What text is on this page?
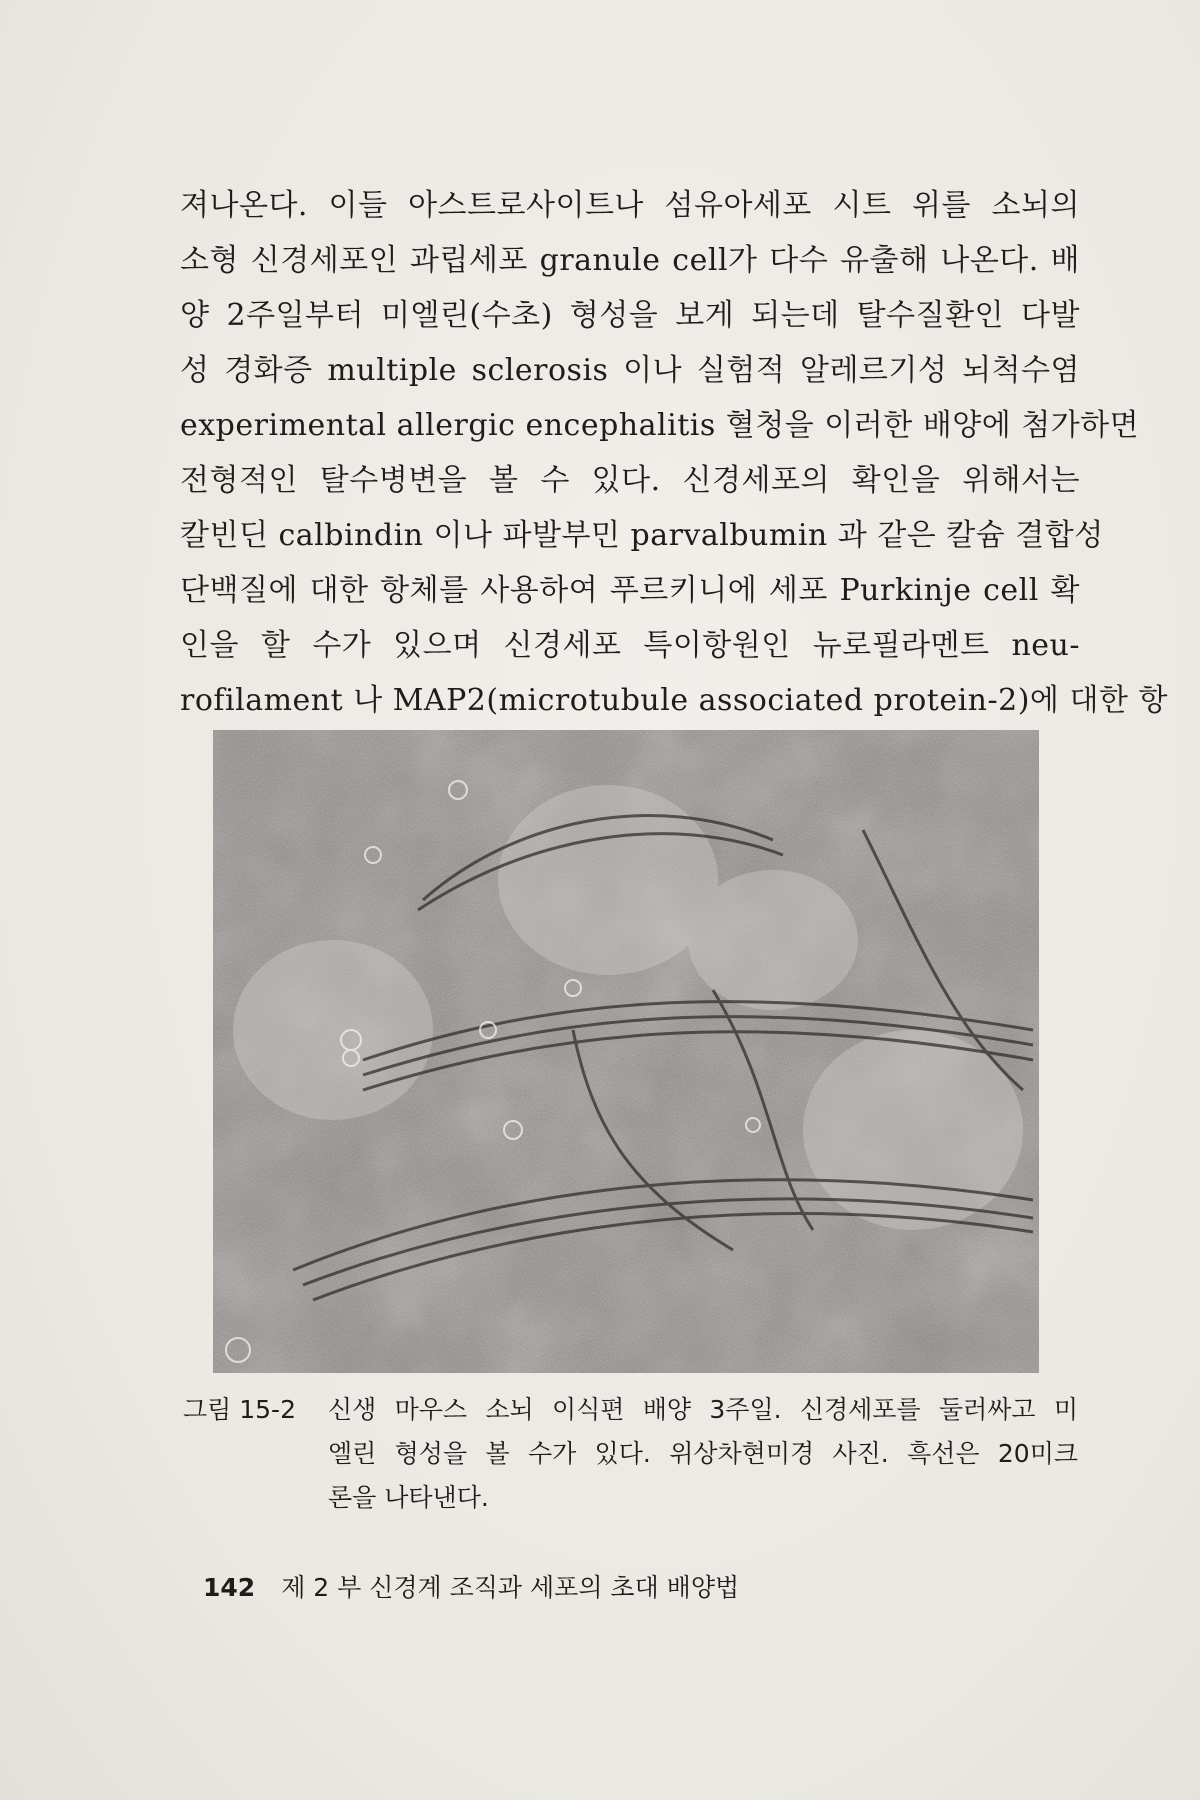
져나온다. 이들 아스트로사이트나 섬유아세포 시트 위를 소뇌의
소형 신경세포인 과립세포 granule cell가 다수 유출해 나온다. 배
양 2주일부터 미엘린(수초) 형성을 보게 되는데 탈수질환인 다발
성 경화증 multiple sclerosis 이나 실험적 알레르기성 뇌척수염
experimental allergic encephalitis 혈청을 이러한 배양에 첨가하면
전형적인 탈수병변을 볼 수 있다. 신경세포의 확인을 위해서는
칼빈딘 calbindin 이나 파발부민 parvalbumin 과 같은 칼슘 결합성
단백질에 대한 항체를 사용하여 푸르키니에 세포 Purkinje cell 확
인을 할 수가 있으며 신경세포 특이항원인 뉴로필라멘트 neu-
rofilament 나 MAP2(microtubule associated protein-2)에 대한 항
그림 15-2 신생 마우스 소뇌 이식편 배양 3주일. 신경세포를 둘러싸고 미
엘린 형성을 볼 수가 있다. 위상차현미경 사진. 흑선은 20미크
론을 나타낸다.
142 제 2 부 신경계 조직과 세포의 초대 배양법
